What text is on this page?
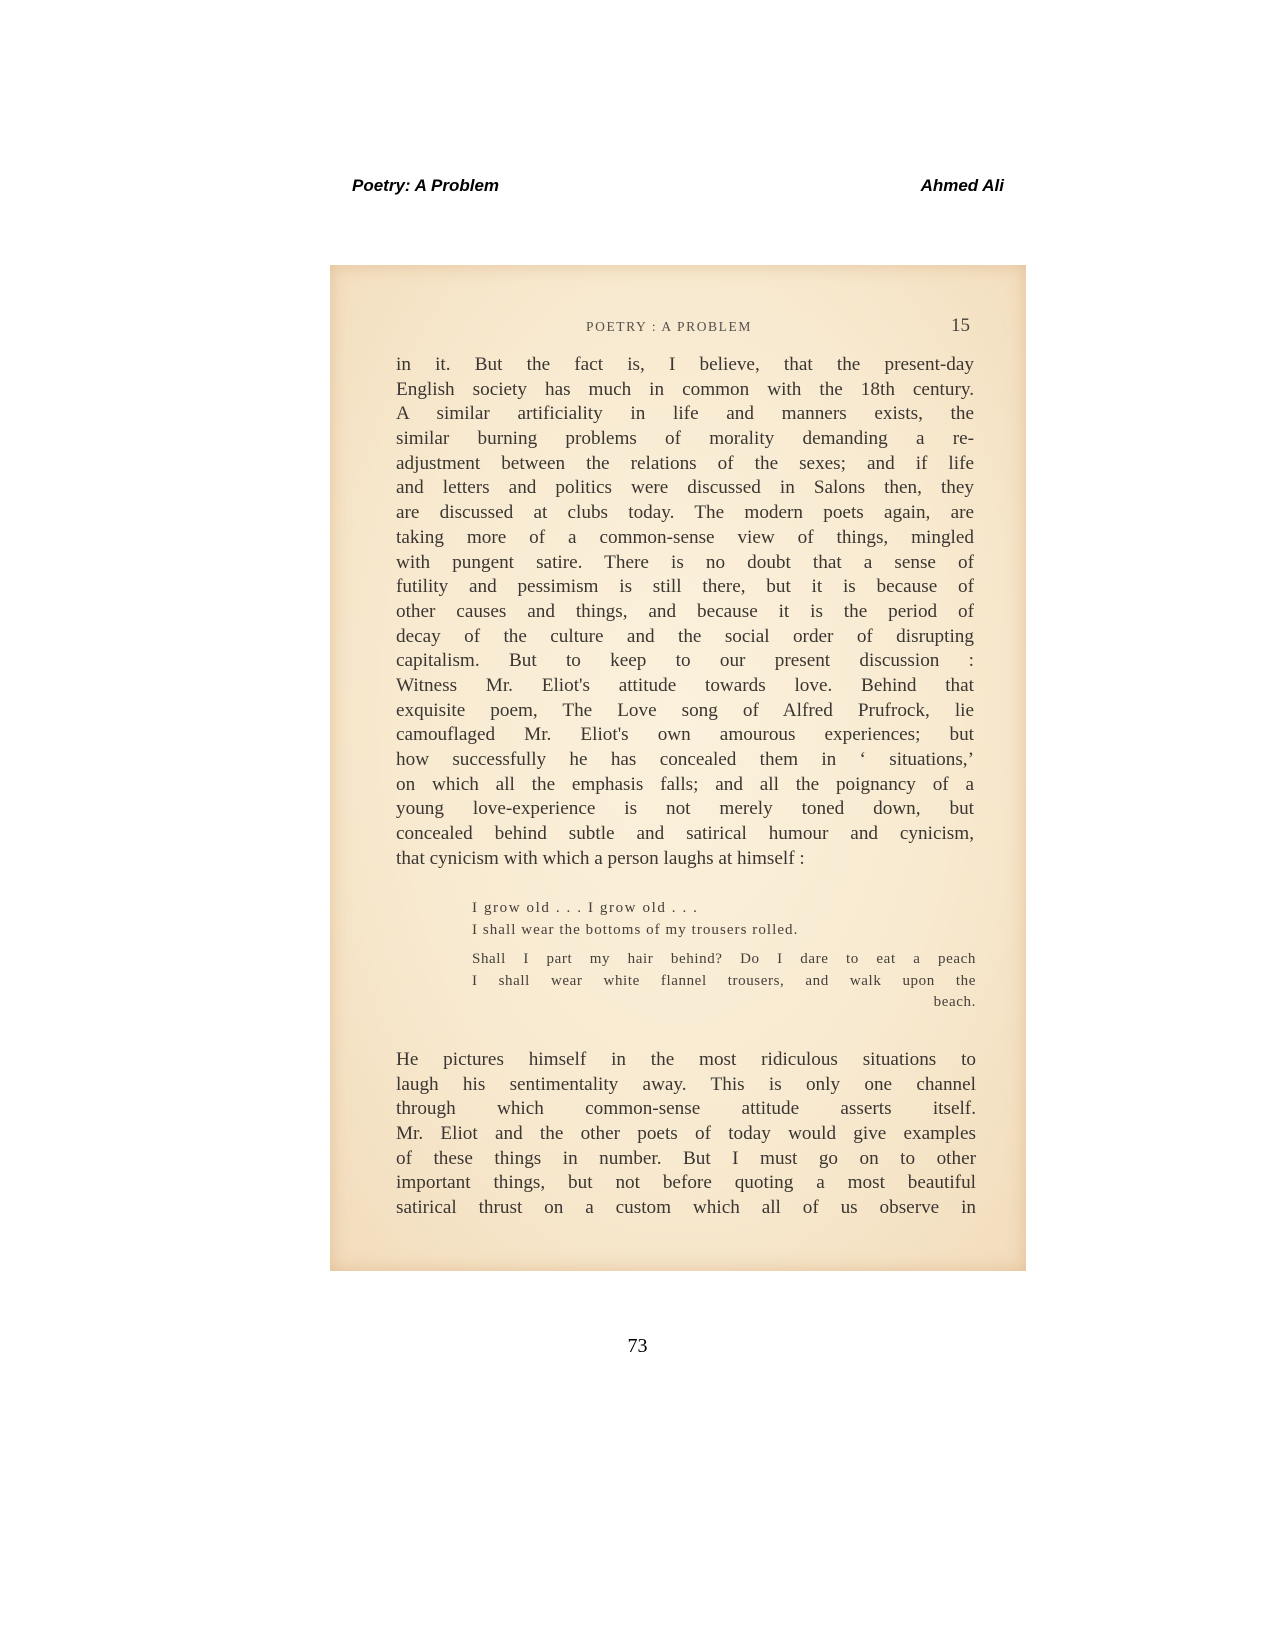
Poetry: A Problem	Ahmed Ali
POETRY : A PROBLEM	15
in it. But the fact is, I believe, that the present-day
English society has much in common with the 18th century.
A similar artificiality in life and manners exists, the
similar burning problems of morality demanding a re-
adjustment between the relations of the sexes; and if life
and letters and politics were discussed in Salons then, they
are discussed at clubs today. The modern poets again, are
taking more of a common-sense view of things, mingled
with pungent satire. There is no doubt that a sense of
futility and pessimism is still there, but it is because of
other causes and things, and because it is the period of
decay of the culture and the social order of disrupting
capitalism. But to keep to our present discussion :
Witness Mr. Eliot's attitude towards love. Behind that
exquisite poem, The Love song of Alfred Prufrock, lie
camouflaged Mr. Eliot's own amourous experiences; but
how successfully he has concealed them in ‘ situations,’
on which all the emphasis falls; and all the poignancy of a
young love-experience is not merely toned down, but
concealed behind subtle and satirical humour and cynicism,
that cynicism with which a person laughs at himself :
I grow old . . . I grow old . . .
I shall wear the bottoms of my trousers rolled.
Shall I part my hair behind? Do I dare to eat a peach
I shall wear white flannel trousers, and walk upon the
beach.
He pictures himself in the most ridiculous situations to
laugh his sentimentality away. This is only one channel
through which common-sense attitude asserts itself.
Mr. Eliot and the other poets of today would give examples
of these things in number. But I must go on to other
important things, but not before quoting a most beautiful
satirical thrust on a custom which all of us observe in
73
